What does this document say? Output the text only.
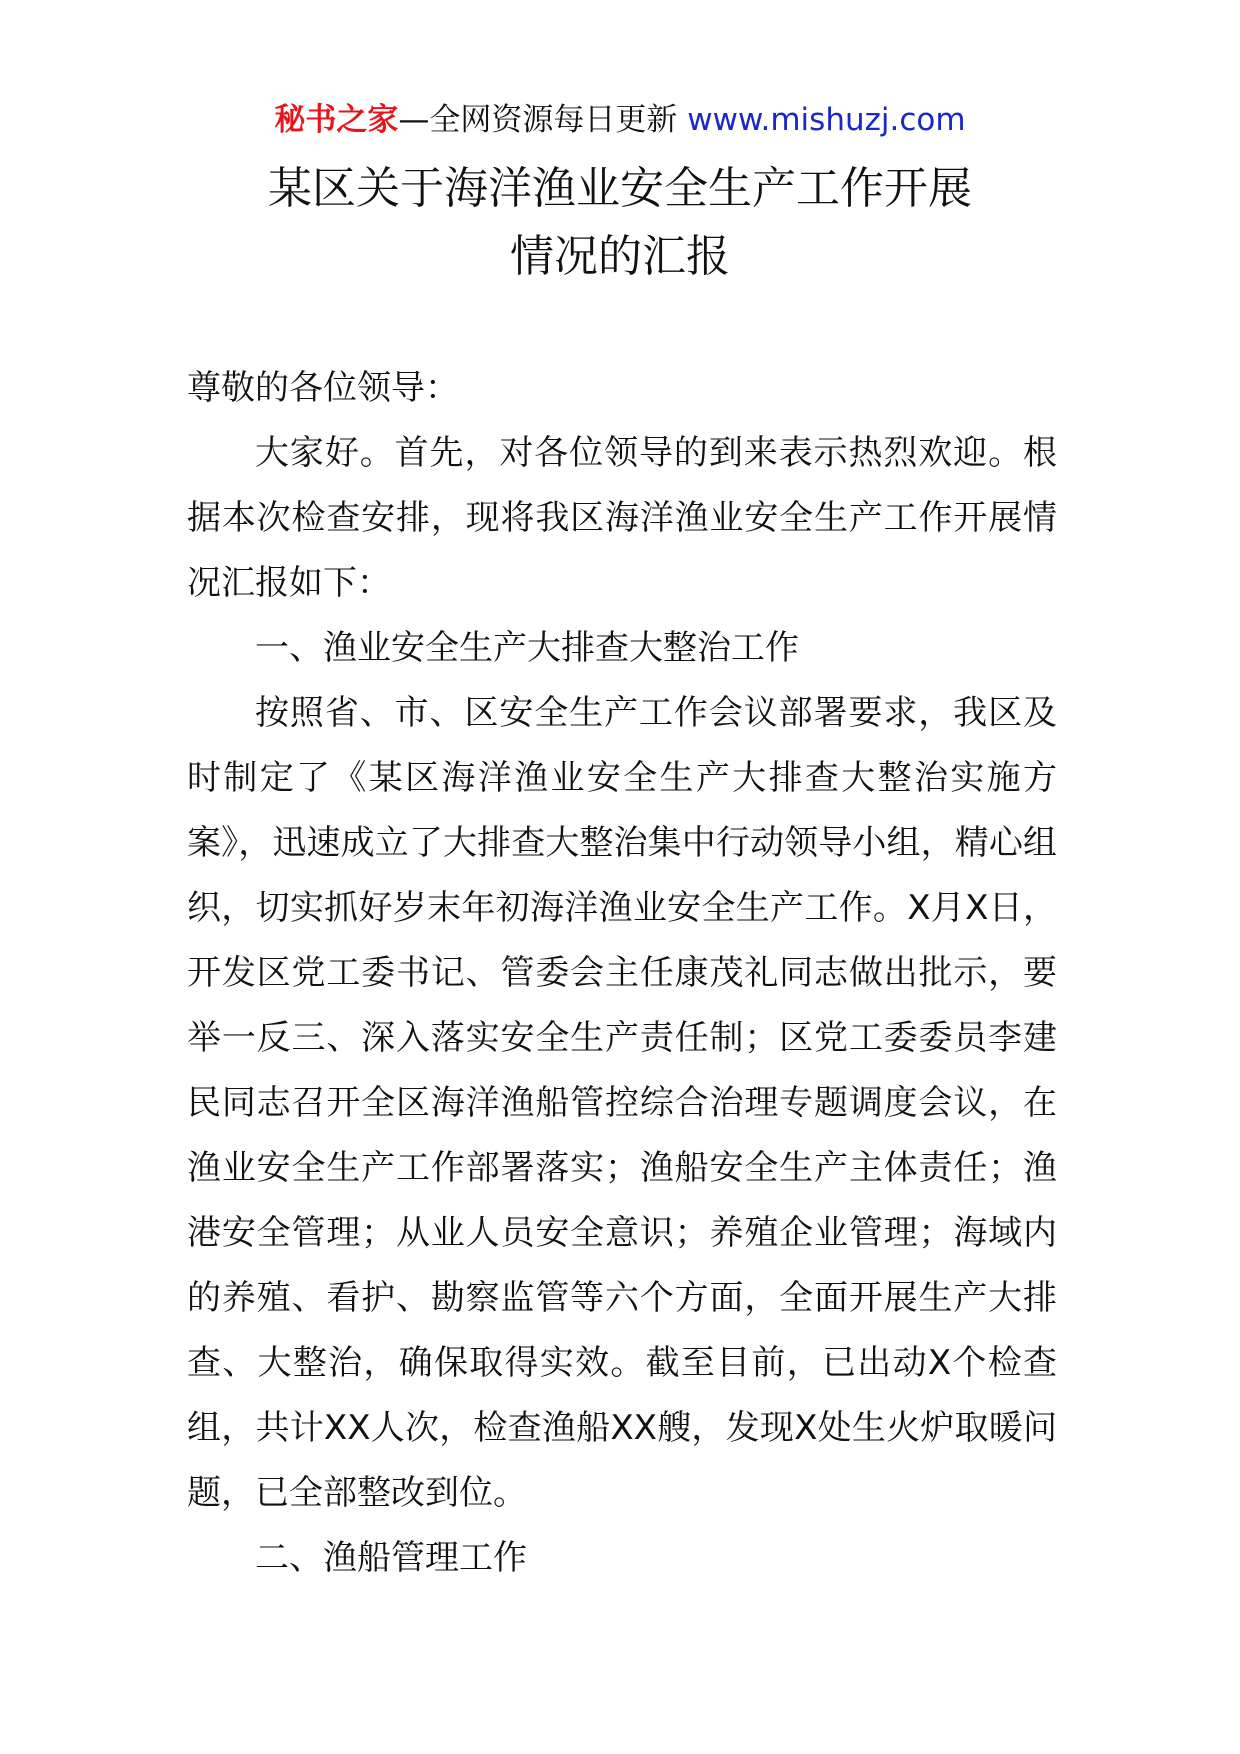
秘书之家—全网资源每日更新 www.mishuzj.com
某区关于海洋渔业安全生产工作开展
情况的汇报

尊敬的各位领导：

大家好。首先，对各位领导的到来表示热烈欢迎。根据本次检查安排，现将我区海洋渔业安全生产工作开展情况汇报如下：

一、渔业安全生产大排查大整治工作

按照省、市、区安全生产工作会议部署要求，我区及时制定了《某区海洋渔业安全生产大排查大整治实施方案》，迅速成立了大排查大整治集中行动领导小组，精心组织，切实抓好岁末年初海洋渔业安全生产工作。X月X日，开发区党工委书记、管委会主任康茂礼同志做出批示，要举一反三、深入落实安全生产责任制；区党工委委员李建民同志召开全区海洋渔船管控综合治理专题调度会议，在渔业安全生产工作部署落实；渔船安全生产主体责任；渔港安全管理；从业人员安全意识；养殖企业管理；海域内的养殖、看护、勘察监管等六个方面，全面开展生产大排查、大整治，确保取得实效。截至目前，已出动X个检查组，共计XX人次，检查渔船XX艘，发现X处生火炉取暖问题，已全部整改到位。

二、渔船管理工作
